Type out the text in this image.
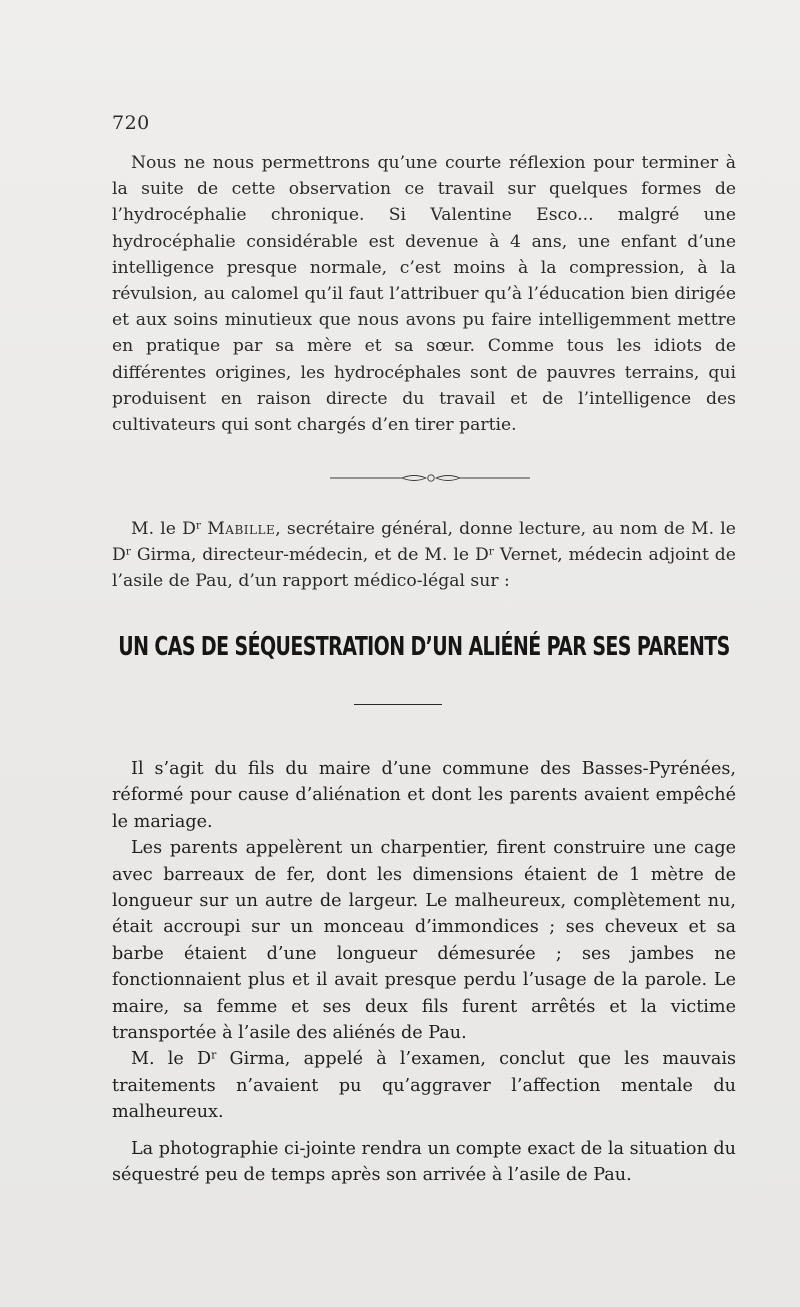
720

Nous ne nous permettrons qu’une courte réflexion pour terminer à la suite de cette observation ce travail sur quelques formes de l’hydrocéphalie chronique. Si Valentine Esco... malgré une hydrocéphalie considérable est devenue à 4 ans, une enfant d’une intelligence presque normale, c’est moins à la compression, à la révulsion, au calomel qu’il faut l’attribuer qu’à l’éducation bien dirigée et aux soins minutieux que nous avons pu faire intelligemment mettre en pratique par sa mère et sa sœur. Comme tous les idiots de différentes origines, les hydrocéphales sont de pauvres terrains, qui produisent en raison directe du travail et de l’intelligence des cultivateurs qui sont chargés d’en tirer partie.

M. le $D^r$ Mabille, secrétaire général, donne lecture, au nom de M. le $D^r$ Girma, directeur-médecin, et de M. le $D^r$ Vernet, médecin adjoint de l’asile de Pau, d’un rapport médico-légal sur :

UN CAS DE SÉQUESTRATION D’UN ALIÉNÉ PAR SES PARENTS

Il s’agit du fils du maire d’une commune des Basses-Pyrénées, réformé pour cause d’aliénation et dont les parents avaient empêché le mariage.

Les parents appelèrent un charpentier, firent construire une cage avec barreaux de fer, dont les dimensions étaient de 1 mètre de longueur sur un autre de largeur. Le malheureux, complètement nu, était accroupi sur un monceau d’immondices ; ses cheveux et sa barbe étaient d’une longueur démesurée ; ses jambes ne fonctionnaient plus et il avait presque perdu l’usage de la parole. Le maire, sa femme et ses deux fils furent arrêtés et la victime transportée à l’asile des aliénés de Pau.

M. le $D^r$ Girma, appelé à l’examen, conclut que les mauvais traitements n’avaient pu qu’aggraver l’affection mentale du malheureux.

La photographie ci-jointe rendra un compte exact de la situation du séquestré peu de temps après son arrivée à l’asile de Pau.
